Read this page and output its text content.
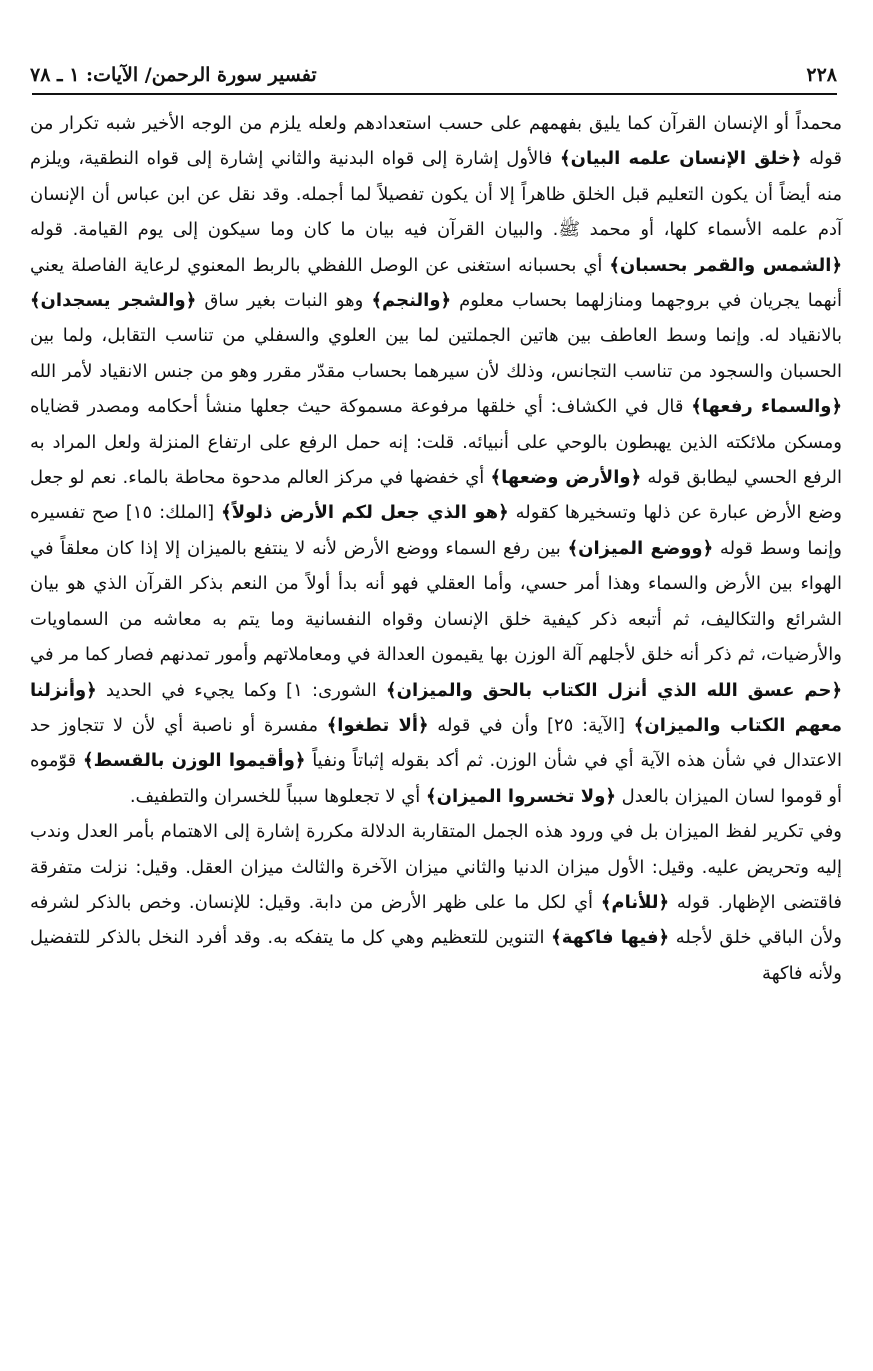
٢٢٨
تفسير سورة الرحمن/ الآيات: ١ ـ ٧٨

محمداً أو الإنسان القرآن كما يليق بفهمهم على حسب استعدادهم ولعله يلزم من الوجه الأخير شبه تكرار من قوله ﴿خلق الإنسان علمه البيان﴾ فالأول إشارة إلى قواه البدنية والثاني إشارة إلى قواه النطقية، ويلزم منه أيضاً أن يكون التعليم قبل الخلق ظاهراً إلا أن يكون تفصيلاً لما أجمله. وقد نقل عن ابن عباس أن الإنسان آدم علمه الأسماء كلها، أو محمد ﷺ. والبيان القرآن فيه بيان ما كان وما سيكون إلى يوم القيامة. قوله ﴿الشمس والقمر بحسبان﴾ أي بحسبانه استغنى عن الوصل اللفظي بالربط المعنوي لرعاية الفاصلة يعني أنهما يجريان في بروجهما ومنازلهما بحساب معلوم ﴿والنجم﴾ وهو النبات بغير ساق ﴿والشجر يسجدان﴾ بالانقياد له. وإنما وسط العاطف بين هاتين الجملتين لما بين العلوي والسفلي من تناسب التقابل، ولما بين الحسبان والسجود من تناسب التجانس، وذلك لأن سيرهما بحساب مقدّر مقرر وهو من جنس الانقياد لأمر الله ﴿والسماء رفعها﴾ قال في الكشاف: أي خلقها مرفوعة مسموكة حيث جعلها منشأ أحكامه ومصدر قضاياه ومسكن ملائكته الذين يهبطون بالوحي على أنبيائه. قلت: إنه حمل الرفع على ارتفاع المنزلة ولعل المراد به الرفع الحسي ليطابق قوله ﴿والأرض وضعها﴾ أي خفضها في مركز العالم مدحوة محاطة بالماء. نعم لو جعل وضع الأرض عبارة عن ذلها وتسخيرها كقوله ﴿هو الذي جعل لكم الأرض ذلولاً﴾ [الملك: ١٥] صح تفسيره وإنما وسط قوله ﴿ووضع الميزان﴾ بين رفع السماء ووضع الأرض لأنه لا ينتفع بالميزان إلا إذا كان معلقاً في الهواء بين الأرض والسماء وهذا أمر حسي، وأما العقلي فهو أنه بدأ أولاً من النعم بذكر القرآن الذي هو بيان الشرائع والتكاليف، ثم أتبعه ذكر كيفية خلق الإنسان وقواه النفسانية وما يتم به معاشه من السماويات والأرضيات، ثم ذكر أنه خلق لأجلهم آلة الوزن بها يقيمون العدالة في ومعاملاتهم وأمور تمدنهم فصار كما مر في ﴿حم عسق الله الذي أنزل الكتاب بالحق والميزان﴾ الشورى: ١] وكما يجيء في الحديد ﴿وأنزلنا معهم الكتاب والميزان﴾ [الآية: ٢٥] وأن في قوله ﴿ألا تطغوا﴾ مفسرة أو ناصبة أي لأن لا تتجاوز حد الاعتدال في شأن هذه الآية أي في شأن الوزن. ثم أكد بقوله إثباتاً ونفياً ﴿وأقيموا الوزن بالقسط﴾ قوّموه أو قوموا لسان الميزان بالعدل ﴿ولا تخسروا الميزان﴾ أي لا تجعلوها سبباً للخسران والتطفيف.

وفي تكرير لفظ الميزان بل في ورود هذه الجمل المتقاربة الدلالة مكررة إشارة إلى الاهتمام بأمر العدل وندب إليه وتحريض عليه. وقيل: الأول ميزان الدنيا والثاني ميزان الآخرة والثالث ميزان العقل. وقيل: نزلت متفرقة فاقتضى الإظهار. قوله ﴿للأنام﴾ أي لكل ما على ظهر الأرض من دابة. وقيل: للإنسان. وخص بالذكر لشرفه ولأن الباقي خلق لأجله ﴿فيها فاكهة﴾ التنوين للتعظيم وهي كل ما يتفكه به. وقد أفرد النخل بالذكر للتفضيل ولأنه فاكهة
